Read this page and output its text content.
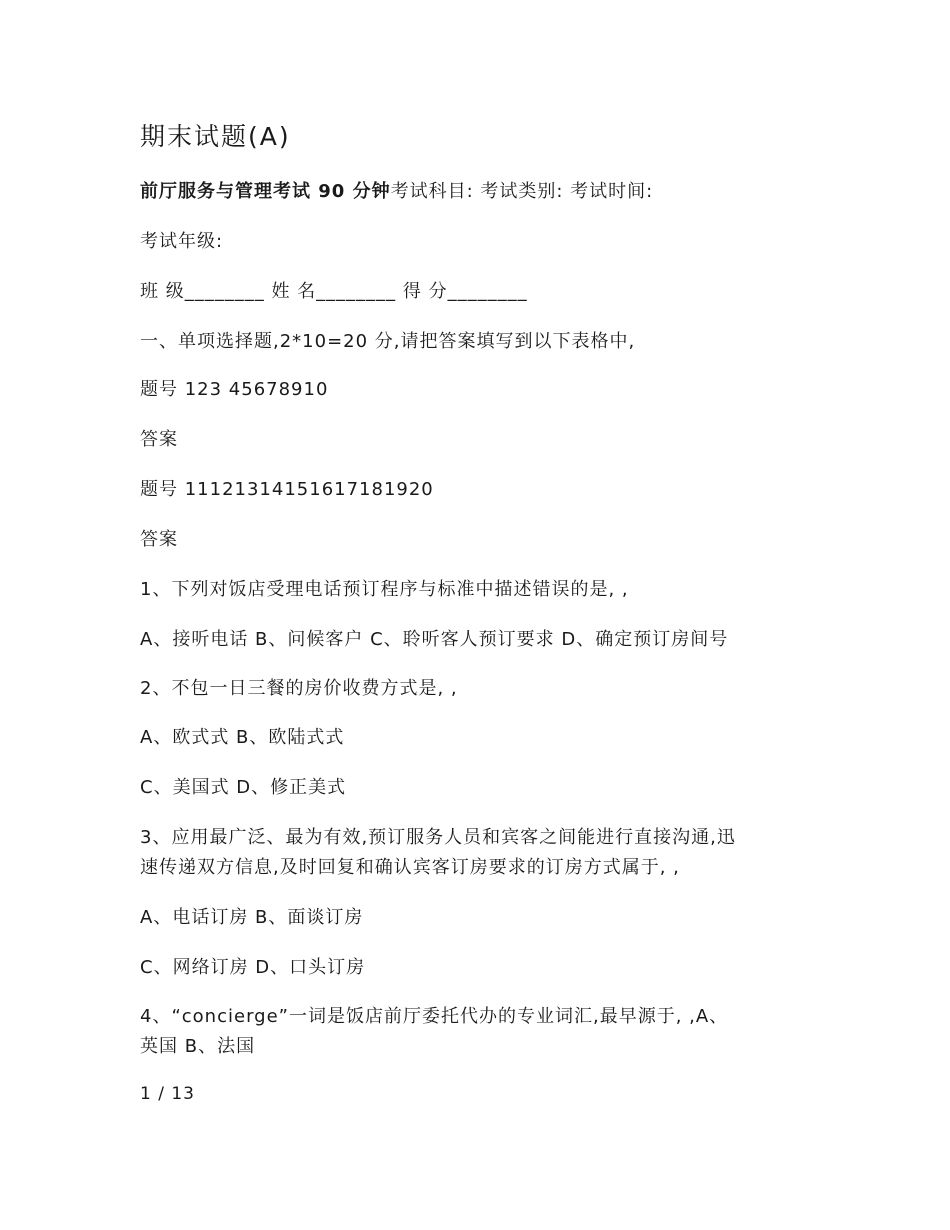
期末试题(A)
前厅服务与管理考试 90 分钟考试科目: 考试类别: 考试时间:
考试年级:
班 级________ 姓 名________ 得 分________
一、单项选择题,2*10=20 分,请把答案填写到以下表格中,
题号 123 45678910
答案
题号 11121314151617181920
答案
1、下列对饭店受理电话预订程序与标准中描述错误的是, ,
A、接听电话 B、问候客户 C、聆听客人预订要求 D、确定预订房间号
2、不包一日三餐的房价收费方式是, ,
A、欧式式 B、欧陆式式
C、美国式 D、修正美式
3、应用最广泛、最为有效,预订服务人员和宾客之间能进行直接沟通,迅
速传递双方信息,及时回复和确认宾客订房要求的订房方式属于, ,
A、电话订房 B、面谈订房
C、网络订房 D、口头订房
4、“concierge”一词是饭店前厅委托代办的专业词汇,最早源于, ,A、
英国 B、法国
1 / 13
